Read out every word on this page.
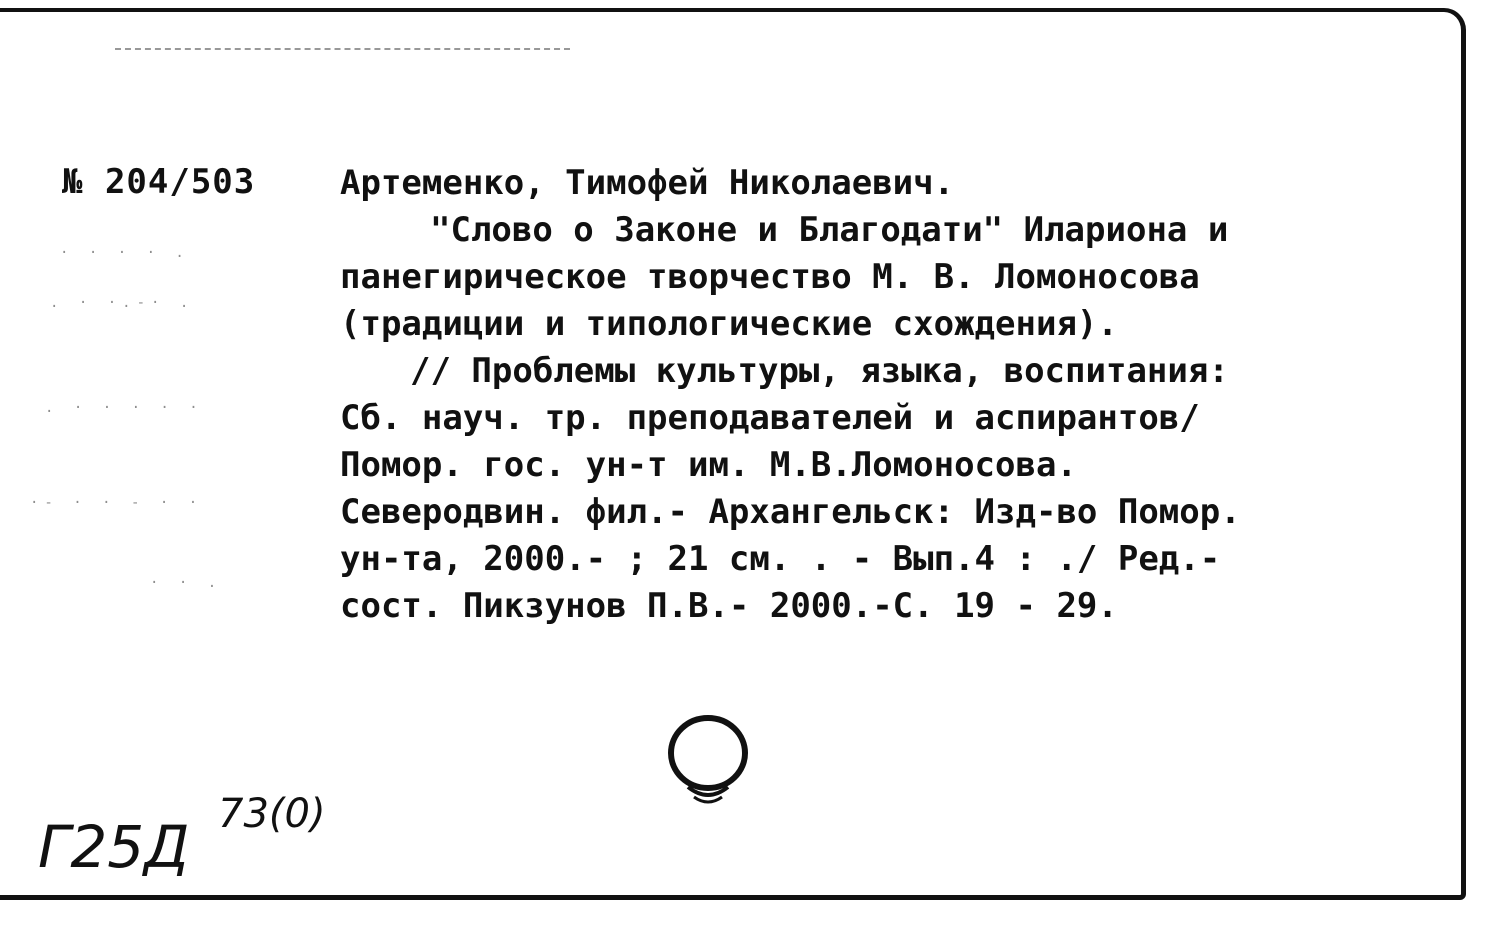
· · · · .
. · ·.-· .
. · · · · ·
·- · · - · ·
· · .
№ 204/503 Артеменко, Тимофей Николаевич.
"Слово о Законе и Благодати" Илариона и
панегирическое творчество М. В. Ломоносова
(традиции и типологические схождения).
// Проблемы культуры, языка, воспитания:
Сб. науч. тр. преподавателей и аспирантов/
Помор. гос. ун-т им. М.В.Ломоносова.
Северодвин. фил.- Архангельск: Изд-во Помор.
ун-та, 2000.- ; 21 см. . - Вып.4 : ./ Ред.-
сост. Пикзунов П.В.- 2000.-С. 19 - 29.
Г25Д 73(0)
